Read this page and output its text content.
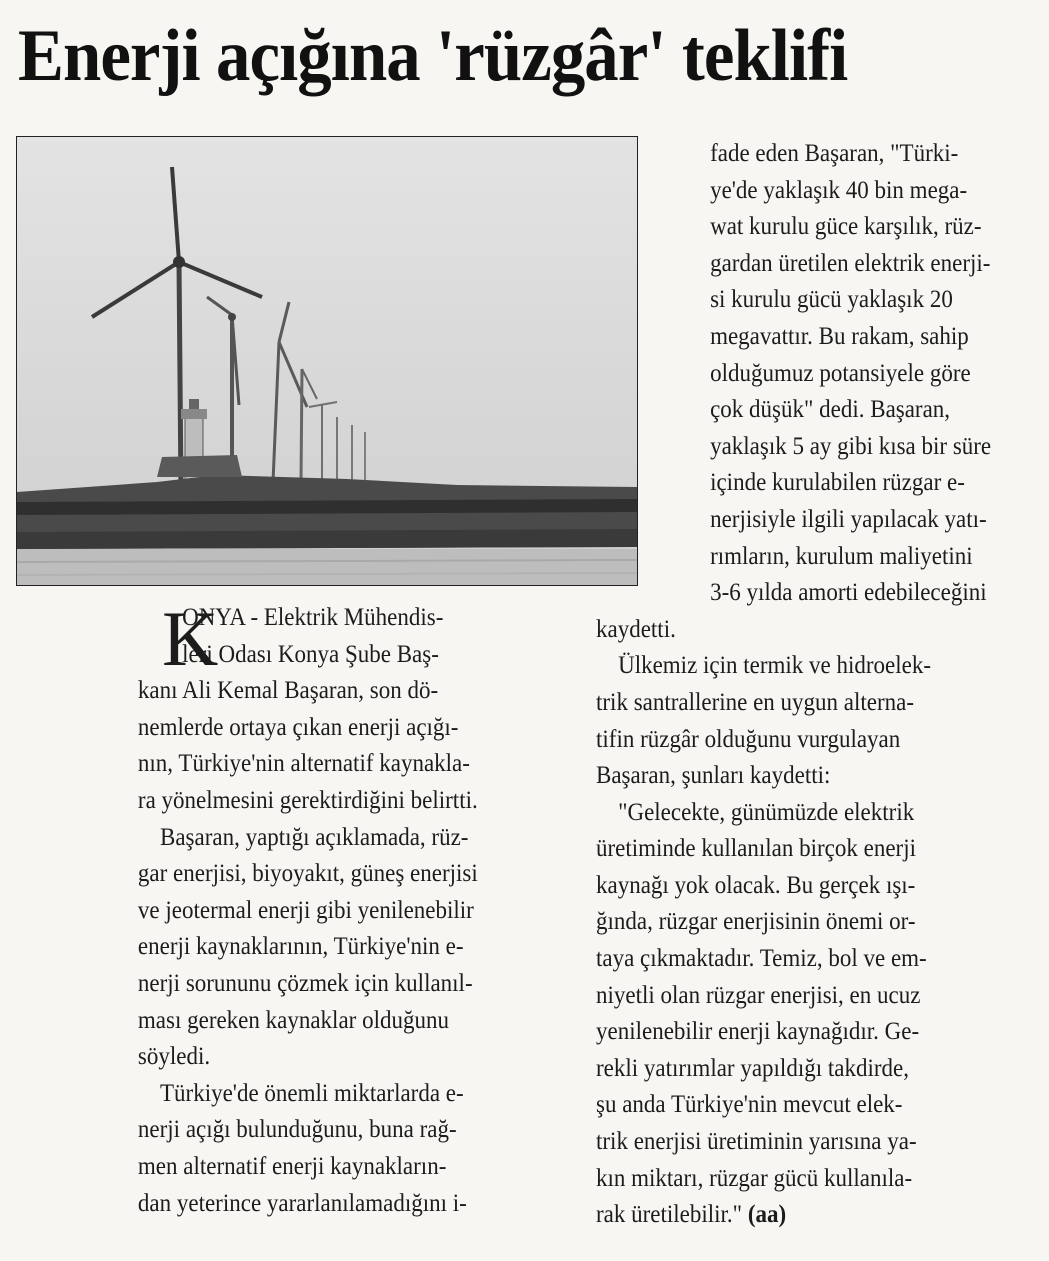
Enerji açığına 'rüzgâr' teklifi
K
ONYA - Elektrik Mühendis-
leri Odası Konya Şube Baş-
kanı Ali Kemal Başaran, son dö-
nemlerde ortaya çıkan enerji açığı-
nın, Türkiye'nin alternatif kaynakla-
ra yönelmesini gerektirdiğini belirtti.
Başaran, yaptığı açıklamada, rüz-
gar enerjisi, biyoyakıt, güneş enerjisi
ve jeotermal enerji gibi yenilenebilir
enerji kaynaklarının, Türkiye'nin e-
nerji sorununu çözmek için kullanıl-
ması gereken kaynaklar olduğunu
söyledi.
Türkiye'de önemli miktarlarda e-
nerji açığı bulunduğunu, buna rağ-
men alternatif enerji kaynakların-
dan yeterince yararlanılamadığını i-
fade eden Başaran, "Türki-
ye'de yaklaşık 40 bin mega-
wat kurulu güce karşılık, rüz-
gardan üretilen elektrik enerji-
si kurulu gücü yaklaşık 20
megavattır. Bu rakam, sahip
olduğumuz potansiyele göre
çok düşük" dedi. Başaran,
yaklaşık 5 ay gibi kısa bir süre
içinde kurulabilen rüzgar e-
nerjisiyle ilgili yapılacak yatı-
rımların, kurulum maliyetini
3-6 yılda amorti edebileceğini
kaydetti.
Ülkemiz için termik ve hidroelek-
trik santrallerine en uygun alterna-
tifin rüzgâr olduğunu vurgulayan
Başaran, şunları kaydetti:
"Gelecekte, günümüzde elektrik
üretiminde kullanılan birçok enerji
kaynağı yok olacak. Bu gerçek ışı-
ğında, rüzgar enerjisinin önemi or-
taya çıkmaktadır. Temiz, bol ve em-
niyetli olan rüzgar enerjisi, en ucuz
yenilenebilir enerji kaynağıdır. Ge-
rekli yatırımlar yapıldığı takdirde,
şu anda Türkiye'nin mevcut elek-
trik enerjisi üretiminin yarısına ya-
kın miktarı, rüzgar gücü kullanıla-
rak üretilebilir." (aa)
